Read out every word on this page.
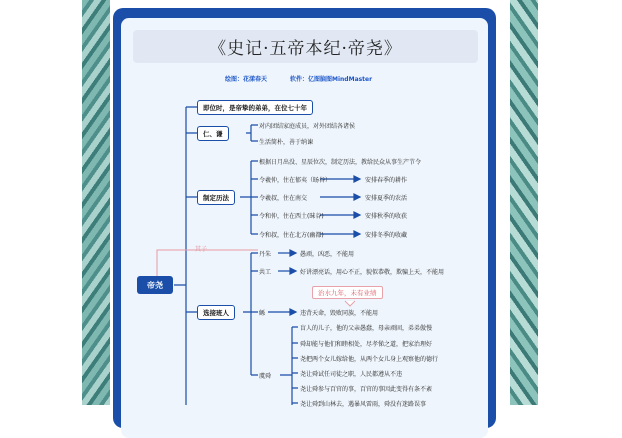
《史记·五帝本纪·帝尧》
绘图：花漾春天	软件：亿图脑图MindMaster
帝尧
即位时，是帝挚的弟弟，在位七十年
仁、谦
对内团结家庭成员，对外团结各诸侯
生活简朴，善于纳谏
制定历法
根据日月出没、星辰位次，制定历法，教给民众从事生产节令
令羲仲，住在郁夷（旸谷）	安排春季的耕作
令羲叔，住在南交	安排夏季的农活
令和仲，住在西土(昧谷)	安排秋季的收获
令和叔，住在北方(幽都)	安排冬季的收藏
选接班人
其子
丹朱	愚顽，凶恶，不能用
共工	好讲漂亮话，用心不正，貌似恭敬，欺骗上天，不能用
治水九年，未有业绩
鲧	违背天命，毁败同族，不能用
虞舜
盲人的儿子，他的父亲愚蠢，母亲顽固，弟弟傲慢
舜却能与他们和睦相处，尽孝悌之道，把家治理好
尧把两个女儿嫁给他，从两个女儿身上观察他的德行
尧让舜试任司徒之职，人民都遵从不违
尧让舜参与百官的事，百官的事因此变得有条不紊
尧让舜到山林去，遇暴风雷雨，舜没有迷路误事
